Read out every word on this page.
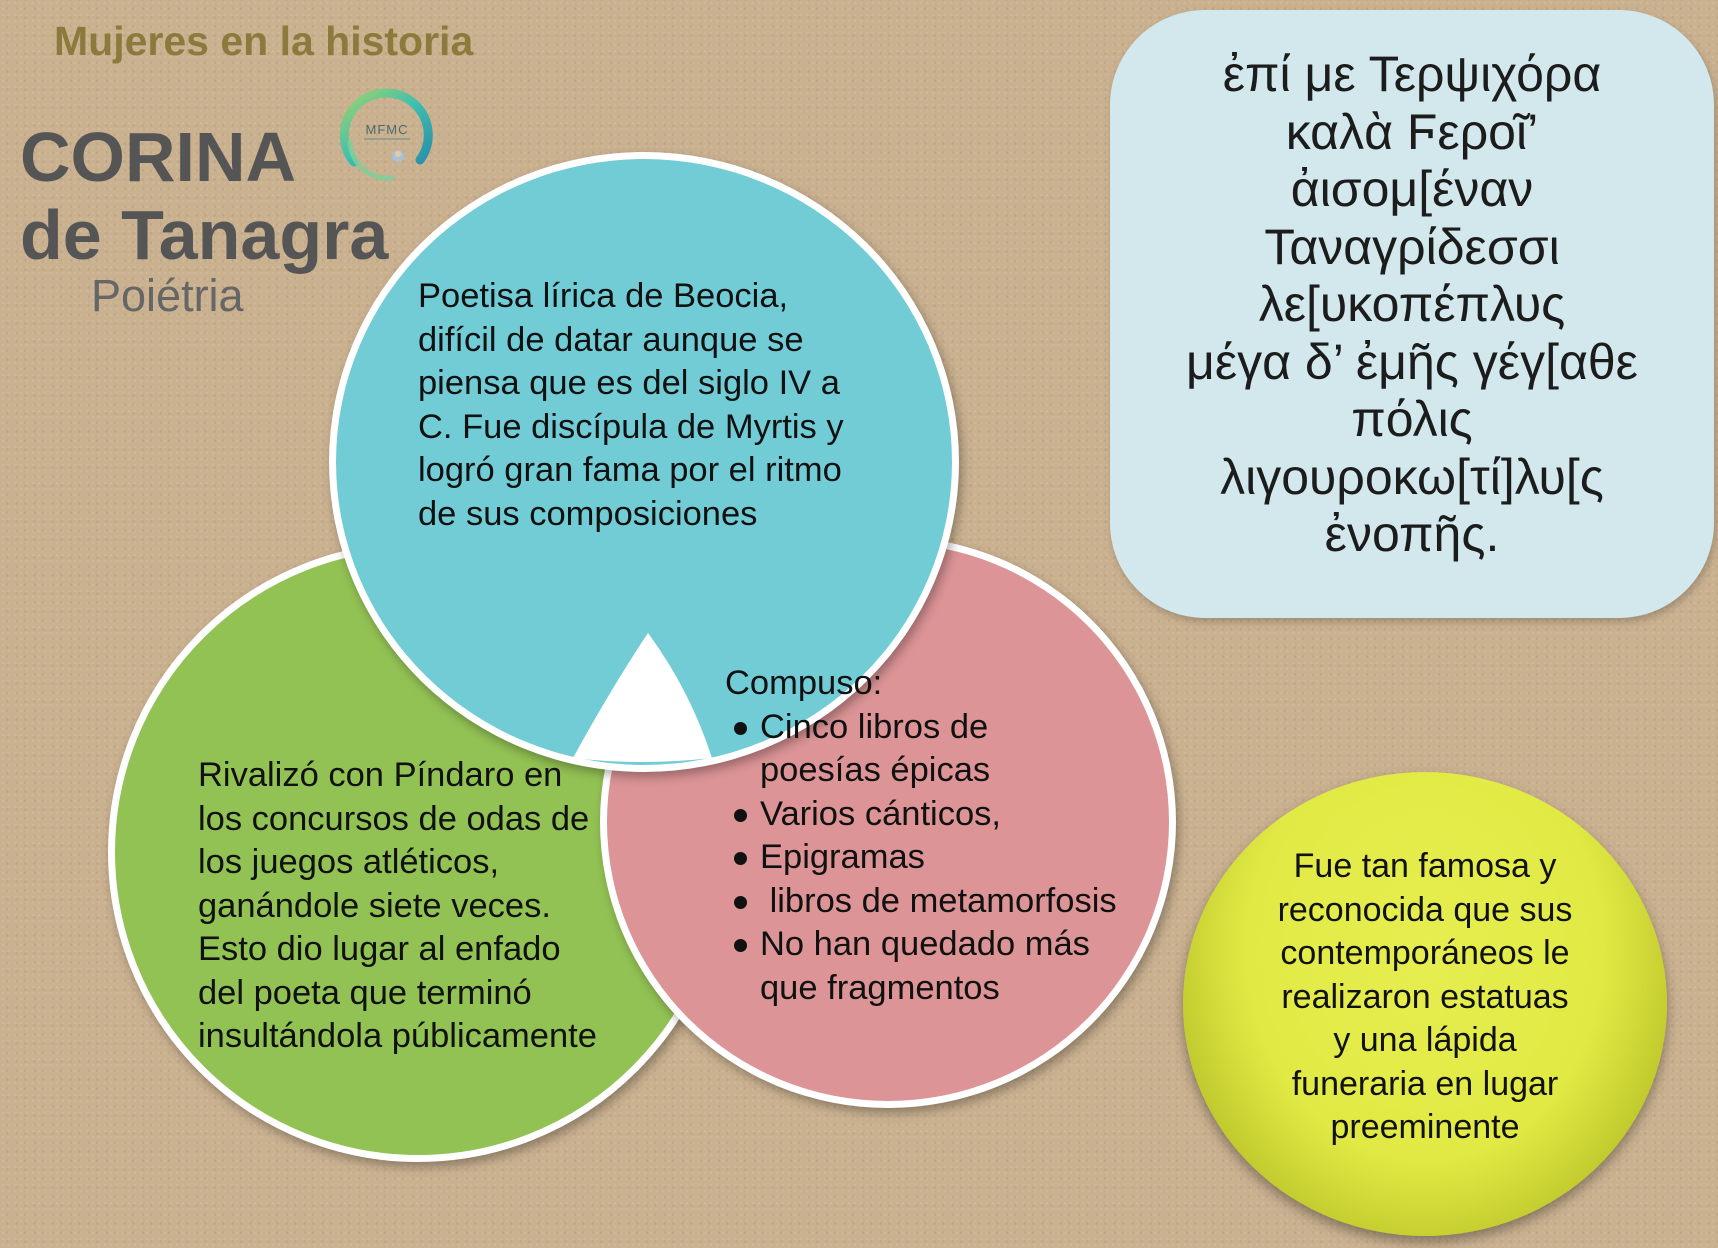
Mujeres en la historia
CORINA
de Tanagra
Poiétria
MFMC
Poetisa lírica de Beocia,
difícil de datar aunque se
piensa que es del siglo IV a
C. Fue discípula de Myrtis y
logró gran fama por el ritmo
de sus composiciones
Rivalizó con Píndaro en
los concursos de odas de
los juegos atléticos,
ganándole siete veces.
Esto dio lugar al enfado
del poeta que terminó
insultándola públicamente
Compuso:
Cinco libros de
poesías épicas
Varios cánticos,
Epigramas
libros de metamorfosis
No han quedado más
que fragmentos
ἐπί με Τερψιχόρα
καλὰ Ϝεροῖ’
ἀισομ[έναν
Ταναγρίδεσσι
λε[υκοπέπλυς
μέγα δ’ ἐμῆς γέγ[αθε
πόλις
λιγουροκω[τί]λυ[ς
ἐνοπῆς.
Fue tan famosa y
reconocida que sus
contemporáneos le
realizaron estatuas
y una lápida
funeraria en lugar
preeminente
